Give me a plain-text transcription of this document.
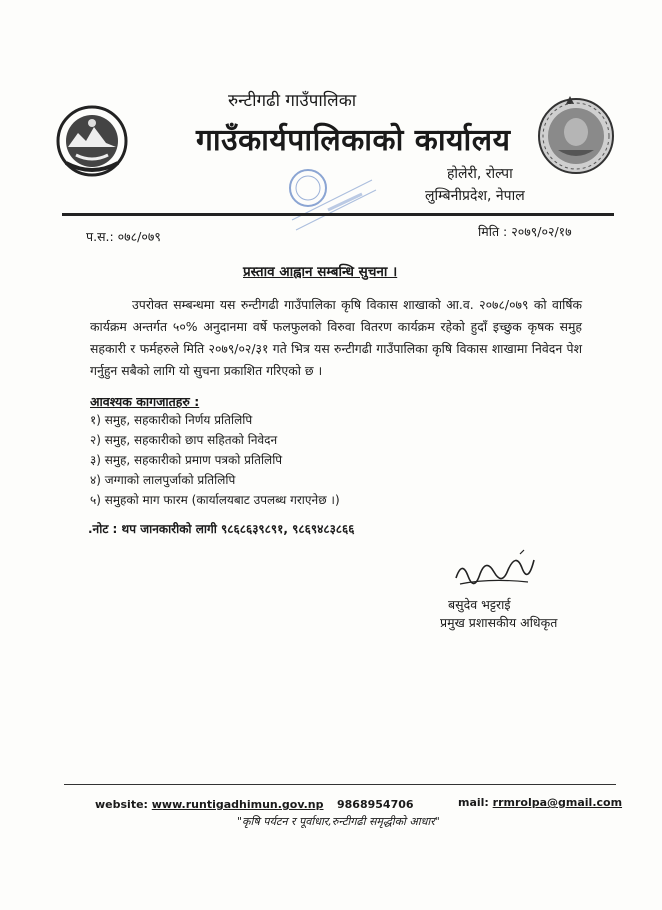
रुन्टीगढी गाउँपालिका
गाउँकार्यपालिकाको कार्यालय
होलेरी, रोल्पा
लुम्बिनीप्रदेश, नेपाल
प.स.: ०७८/०७९	मिति : २०७९/०२/१७
प्रस्ताव आह्वान सम्बन्धि सुचना ।
उपरोक्त सम्बन्धमा यस रुन्टीगढी गाउँपालिका कृषि विकास शाखाको आ.व. २०७८/०७९ को वार्षिक कार्यक्रम अन्तर्गत ५०% अनुदानमा वर्षे फलफुलको विरुवा वितरण कार्यक्रम रहेको हुदाँ इच्छुक कृषक समुह सहकारी र फर्महरुले मिति २०७९/०२/३१ गते भित्र यस रुन्टीगढी गाउँपालिका कृषि विकास शाखामा निवेदन पेश गर्नुहुन सबैको लागि यो सुचना प्रकाशित गरिएको छ ।
आवश्यक कागजातहरु :
१) समुह, सहकारीको निर्णय प्रतिलिपि
२) समुह, सहकारीको छाप सहितको निवेदन
३) समुह, सहकारीको प्रमाण पत्रको प्रतिलिपि
४) जग्गाको लालपुर्जाको प्रतिलिपि
५) समुहको माग फारम (कार्यालयबाट उपलब्ध गराएनेछ ।)
.नोट : थप जानकारीको लागी ९८६८६३९८९१, ९८६९४८३८६६
बसुदेव भट्टराई
प्रमुख प्रशासकीय अधिकृत
website: www.runtigadhimun.gov.np 9868954706	mail: rrmrolpa@gmail.com
"कृषि पर्यटन र पूर्वाधार,रुन्टीगढी समृद्धीको आधार"
